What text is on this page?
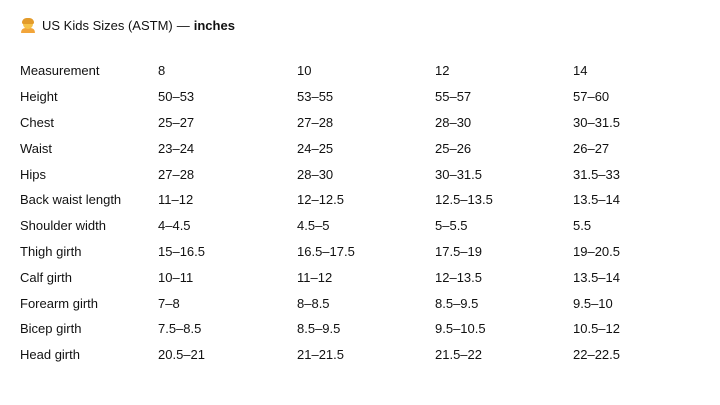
US Kids Sizes (ASTM) — inches
Measurement	8	10	12	14
Height	50–53	53–55	55–57	57–60
Chest	25–27	27–28	28–30	30–31.5
Waist	23–24	24–25	25–26	26–27
Hips	27–28	28–30	30–31.5	31.5–33
Back waist length	11–12	12–12.5	12.5–13.5	13.5–14
Shoulder width	4–4.5	4.5–5	5–5.5	5.5
Thigh girth	15–16.5	16.5–17.5	17.5–19	19–20.5
Calf girth	10–11	11–12	12–13.5	13.5–14
Forearm girth	7–8	8–8.5	8.5–9.5	9.5–10
Bicep girth	7.5–8.5	8.5–9.5	9.5–10.5	10.5–12
Head girth	20.5–21	21–21.5	21.5–22	22–22.5
